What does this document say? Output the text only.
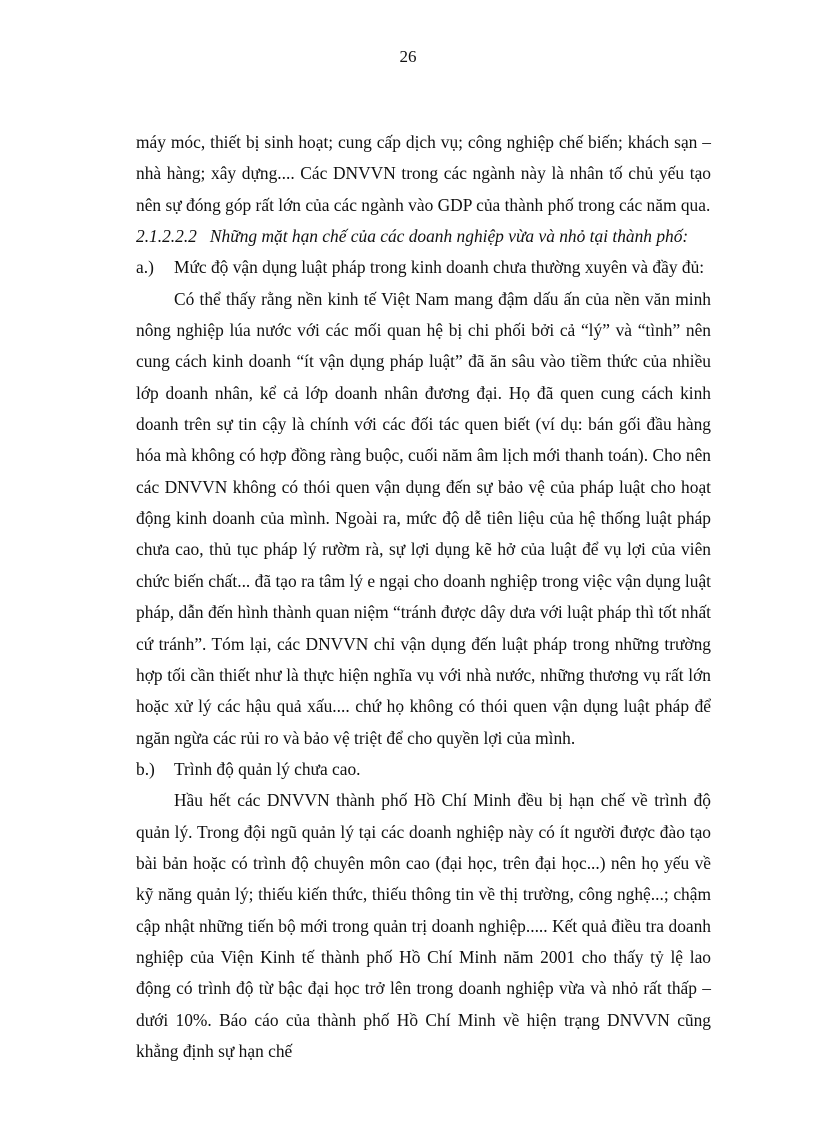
26

máy móc, thiết bị sinh hoạt; cung cấp dịch vụ; công nghiệp chế biến; khách sạn – nhà hàng; xây dựng.... Các DNVVN trong các ngành này là nhân tố chủ yếu tạo nên sự đóng góp rất lớn của các ngành vào GDP của thành phố trong các năm qua.

2.1.2.2.2 Những mặt hạn chế của các doanh nghiệp vừa và nhỏ tại thành phố:

a.)	Mức độ vận dụng luật pháp trong kinh doanh chưa thường xuyên và đầy đủ:

Có thể thấy rằng nền kinh tế Việt Nam mang đậm dấu ấn của nền văn minh nông nghiệp lúa nước với các mối quan hệ bị chi phối bởi cả “lý” và “tình” nên cung cách kinh doanh “ít vận dụng pháp luật” đã ăn sâu vào tiềm thức của nhiều lớp doanh nhân, kể cả lớp doanh nhân đương đại. Họ đã quen cung cách kinh doanh trên sự tin cậy là chính với các đối tác quen biết (ví dụ: bán gối đầu hàng hóa mà không có hợp đồng ràng buộc, cuối năm âm lịch mới thanh toán). Cho nên các DNVVN không có thói quen vận dụng đến sự bảo vệ của pháp luật cho hoạt động kinh doanh của mình. Ngoài ra, mức độ dễ tiên liệu của hệ thống luật pháp chưa cao, thủ tục pháp lý rườm rà, sự lợi dụng kẽ hở của luật để vụ lợi của viên chức biến chất... đã tạo ra tâm lý e ngại cho doanh nghiệp trong việc vận dụng luật pháp, dẫn đến hình thành quan niệm “tránh được dây dưa với luật pháp thì tốt nhất cứ tránh”. Tóm lại, các DNVVN chỉ vận dụng đến luật pháp trong những trường hợp tối cần thiết như là thực hiện nghĩa vụ với nhà nước, những thương vụ rất lớn hoặc xử lý các hậu quả xấu.... chứ họ không có thói quen vận dụng luật pháp để ngăn ngừa các rủi ro và bảo vệ triệt để cho quyền lợi của mình.

b.)	Trình độ quản lý chưa cao.

Hầu hết các DNVVN thành phố Hồ Chí Minh đều bị hạn chế về trình độ quản lý. Trong đội ngũ quản lý tại các doanh nghiệp này có ít người được đào tạo bài bản hoặc có trình độ chuyên môn cao (đại học, trên đại học...) nên họ yếu về kỹ năng quản lý; thiếu kiến thức, thiếu thông tin về thị trường, công nghệ...; chậm cập nhật những tiến bộ mới trong quản trị doanh nghiệp..... Kết quả điều tra doanh nghiệp của Viện Kinh tế thành phố Hồ Chí Minh năm 2001 cho thấy tỷ lệ lao động có trình độ từ bậc đại học trở lên trong doanh nghiệp vừa và nhỏ rất thấp – dưới 10%. Báo cáo của thành phố Hồ Chí Minh về hiện trạng DNVVN cũng khẳng định sự hạn chế
